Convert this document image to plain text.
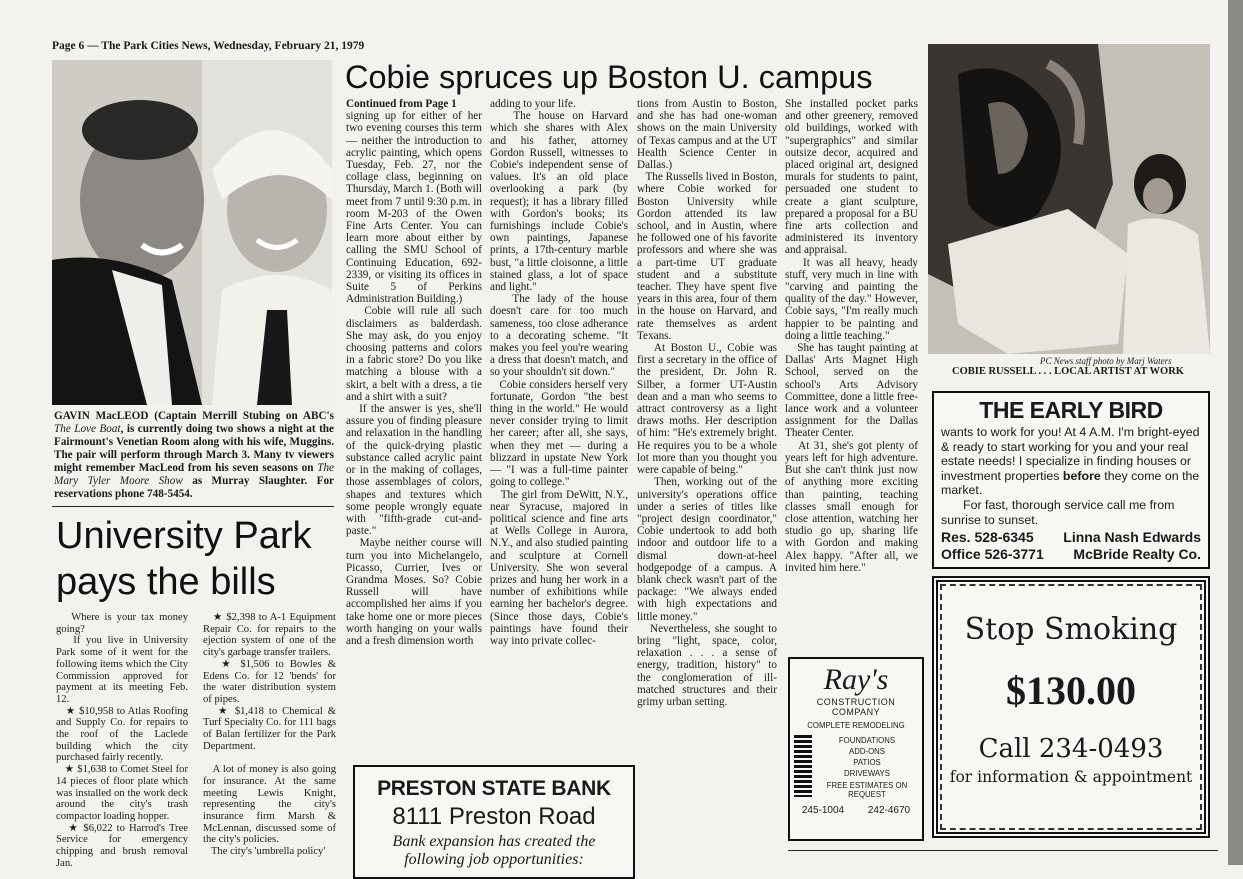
Page 6 — The Park Cities News, Wednesday, February 21, 1979
GAVIN MacLEOD (Captain Merrill Stubing on ABC's The Love Boat, is currently doing two shows a night at the Fairmount's Venetian Room along with his wife, Muggins. The pair will perform through March 3. Many tv viewers might remember MacLeod from his seven seasons on The Mary Tyler Moore Show as Murray Slaughter. For reservations phone 748-5454.
University Park
pays the bills
Where is your tax money going?
If you live in University Park some of it went for the following items which the City Commission approved for payment at its meeting Feb. 12.
★ $10,958 to Atlas Roofing and Supply Co. for repairs to the roof of the Laclede building which the city purchased fairly recently.
★ $1,638 to Comet Steel for 14 pieces of floor plate which was installed on the work deck around the city's trash compactor loading hopper.
★ $6,022 to Harrod's Tree Service for emergency chipping and brush removal Jan.
★ $2,398 to A-1 Equipment Repair Co. for repairs to the ejection system of one of the city's garbage transfer trailers.
★ $1,506 to Bowles & Edens Co. for 12 'bends' for the water distribution system of pipes.
★ $1,418 to Chemical & Turf Specialty Co. for 111 bags of Balan fertilizer for the Park Department.

A lot of money is also going for insurance. At the same meeting Lewis Knight, representing the city's insurance firm Marsh & McLennan, discussed some of the city's policies.
The city's 'umbrella policy'
Cobie spruces up Boston U. campus
Continued from Page 1
signing up for either of her two evening courses this term — neither the introduction to acrylic painting, which opens Tuesday, Feb. 27, nor the collage class, beginning on Thursday, March 1. (Both will meet from 7 until 9:30 p.m. in room M-203 of the Owen Fine Arts Center. You can learn more about either by calling the SMU School of Continuing Education, 692-2339, or visiting its offices in Suite 5 of Perkins Administration Building.)
Cobie will rule all such disclaimers as balderdash. She may ask, do you enjoy choosing patterns and colors in a fabric store? Do you like matching a blouse with a skirt, a belt with a dress, a tie and a shirt with a suit?
If the answer is yes, she'll assure you of finding pleasure and relaxation in the handling of the quick-drying plastic substance called acrylic paint or in the making of collages, those assemblages of colors, shapes and textures which some people wrongly equate with "fifth-grade cut-and-paste."
Maybe neither course will turn you into Michelangelo, Picasso, Currier, Ives or Grandma Moses. So? Cobie Russell will have accomplished her aims if you take home one or more pieces worth hanging on your walls and a fresh dimension worth
adding to your life.
The house on Harvard which she shares with Alex and his father, attorney Gordon Russell, witnesses to Cobie's independent sense of values. It's an old place overlooking a park (by request); it has a library filled with Gordon's books; its furnishings include Cobie's own paintings, Japanese prints, a 17th-century marble bust, "a little cloisonne, a little stained glass, a lot of space and light."
The lady of the house doesn't care for too much sameness, too close adherance to a decorating scheme. "It makes you feel you're wearing a dress that doesn't match, and so your shouldn't sit down."
Cobie considers herself very fortunate, Gordon "the best thing in the world." He would never consider trying to limit her career; after all, she says, when they met — during a blizzard in upstate New York — "I was a full-time painter going to college."
The girl from DeWitt, N.Y., near Syracuse, majored in political science and fine arts at Wells College in Aurora, N.Y., and also studied painting and sculpture at Cornell University. She won several prizes and hung her work in a number of exhibitions while earning her bachelor's degree. (Since those days, Cobie's paintings have found their way into private collec-
tions from Austin to Boston, and she has had one-woman shows on the main University of Texas campus and at the UT Health Science Center in Dallas.)
The Russells lived in Boston, where Cobie worked for Boston University while Gordon attended its law school, and in Austin, where he followed one of his favorite professors and where she was a part-time UT graduate student and a substitute teacher. They have spent five years in this area, four of them in the house on Harvard, and rate themselves as ardent Texans.
At Boston U., Cobie was first a secretary in the office of the president, Dr. John R. Silber, a former UT-Austin dean and a man who seems to attract controversy as a light draws moths. Her description of him: "He's extremely bright. He requires you to be a whole lot more than you thought you were capable of being."
Then, working out of the university's operations office under a series of titles like "project design coordinator," Cobie undertook to add both indoor and outdoor life to a dismal down-at-heel hodgepodge of a campus. A blank check wasn't part of the package: "We always ended with high expectations and little money."
Nevertheless, she sought to bring "light, space, color, relaxation . . . a sense of energy, tradition, history" to the conglomeration of ill-matched structures and their grimy urban setting.
She installed pocket parks and other greenery, removed old buildings, worked with "supergraphics" and similar outsize decor, acquired and placed original art, designed murals for students to paint, persuaded one student to create a giant sculpture, prepared a proposal for a BU fine arts collection and administered its inventory and appraisal.
It was all heavy, heady stuff, very much in line with "carving and painting the quality of the day." However, Cobie says, "I'm really much happier to be painting and doing a little teaching."
She has taught painting at Dallas' Arts Magnet High School, served on the school's Arts Advisory Committee, done a little free-lance work and a volunteer assignment for the Dallas Theater Center.
At 31, she's got plenty of years left for high adventure. But she can't think just now of anything more exciting than painting, teaching classes small enough for close attention, watching her studio go up, sharing life with Gordon and making Alex happy. "After all, we invited him here."
PRESTON STATE BANK
8111 Preston Road
Bank expansion has created the
following job opportunities:
PC News staff photo by Marj Waters
COBIE RUSSELL . . . LOCAL ARTIST AT WORK
THE EARLY BIRD
wants to work for you! At 4 A.M. I'm bright-eyed & ready to start working for you and your real estate needs! I specialize in finding houses or investment properties before they come on the market.
For fast, thorough service call me from sunrise to sunset.
Res. 528-6345 Linna Nash Edwards
Office 526-3771 McBride Realty Co.
Ray's
CONSTRUCTION
COMPANY
COMPLETE REMODELING
FOUNDATIONS
ADD-ONS
PATIOS
DRIVEWAYS
FREE ESTIMATES ON REQUEST
245-1004 242-4670
Stop Smoking
$130.00
Call 234-0493
for information & appointment
